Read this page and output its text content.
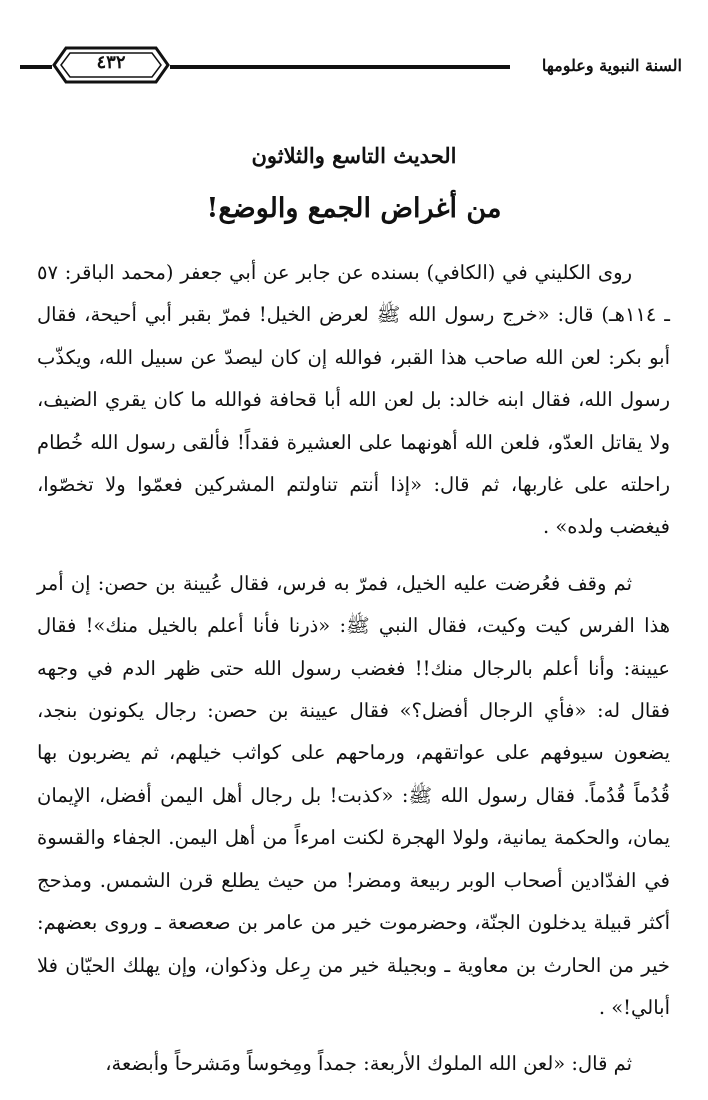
السنة النبوية وعلومها
٤٣٢
الحديث التاسع والثلاثون
من أغراض الجمع والوضع!

روى الكليني في (الكافي) بسنده عن جابر عن أبي جعفر (محمد الباقر: ٥٧ ـ ١١٤هـ) قال: «خرج رسول الله ﷺ لعرض الخيل! فمرّ بقبر أبي أحيحة، فقال أبو بكر: لعن الله صاحب هذا القبر، فوالله إن كان ليصدّ عن سبيل الله، ويكذّب رسول الله، فقال ابنه خالد: بل لعن الله أبا قحافة فوالله ما كان يقري الضيف، ولا يقاتل العدّو، فلعن الله أهونهما على العشيرة فقداً! فألقى رسول الله خُطام راحلته على غاربها، ثم قال: «إذا أنتم تناولتم المشركين فعمّوا ولا تخصّوا، فيغضب ولده» .

ثم وقف فعُرضت عليه الخيل، فمرّ به فرس، فقال عُيينة بن حصن: إن أمر هذا الفرس كيت وكيت، فقال النبي ﷺ: «ذرنا فأنا أعلم بالخيل منك»! فقال عيينة: وأنا أعلم بالرجال منك!! فغضب رسول الله حتى ظهر الدم في وجهه فقال له: «فأي الرجال أفضل؟» فقال عيينة بن حصن: رجال يكونون بنجد، يضعون سيوفهم على عواتقهم، ورماحهم على كواثب خيلهم، ثم يضربون بها قُدُماً قُدُماً. فقال رسول الله ﷺ: «كذبت! بل رجال أهل اليمن أفضل، الإيمان يمان، والحكمة يمانية، ولولا الهجرة لكنت امرءاً من أهل اليمن. الجفاء والقسوة في الفدّادين أصحاب الوبر ربيعة ومضر! من حيث يطلع قرن الشمس. ومذحج أكثر قبيلة يدخلون الجنّة، وحضرموت خير من عامر بن صعصعة ـ وروى بعضهم: خير من الحارث بن معاوية ـ وبجيلة خير من رِعل وذكوان، وإن يهلك الحيّان فلا أبالي!» .

ثم قال: «لعن الله الملوك الأربعة: جمداً ومِخوساً ومَشرحاً وأبضعة،
